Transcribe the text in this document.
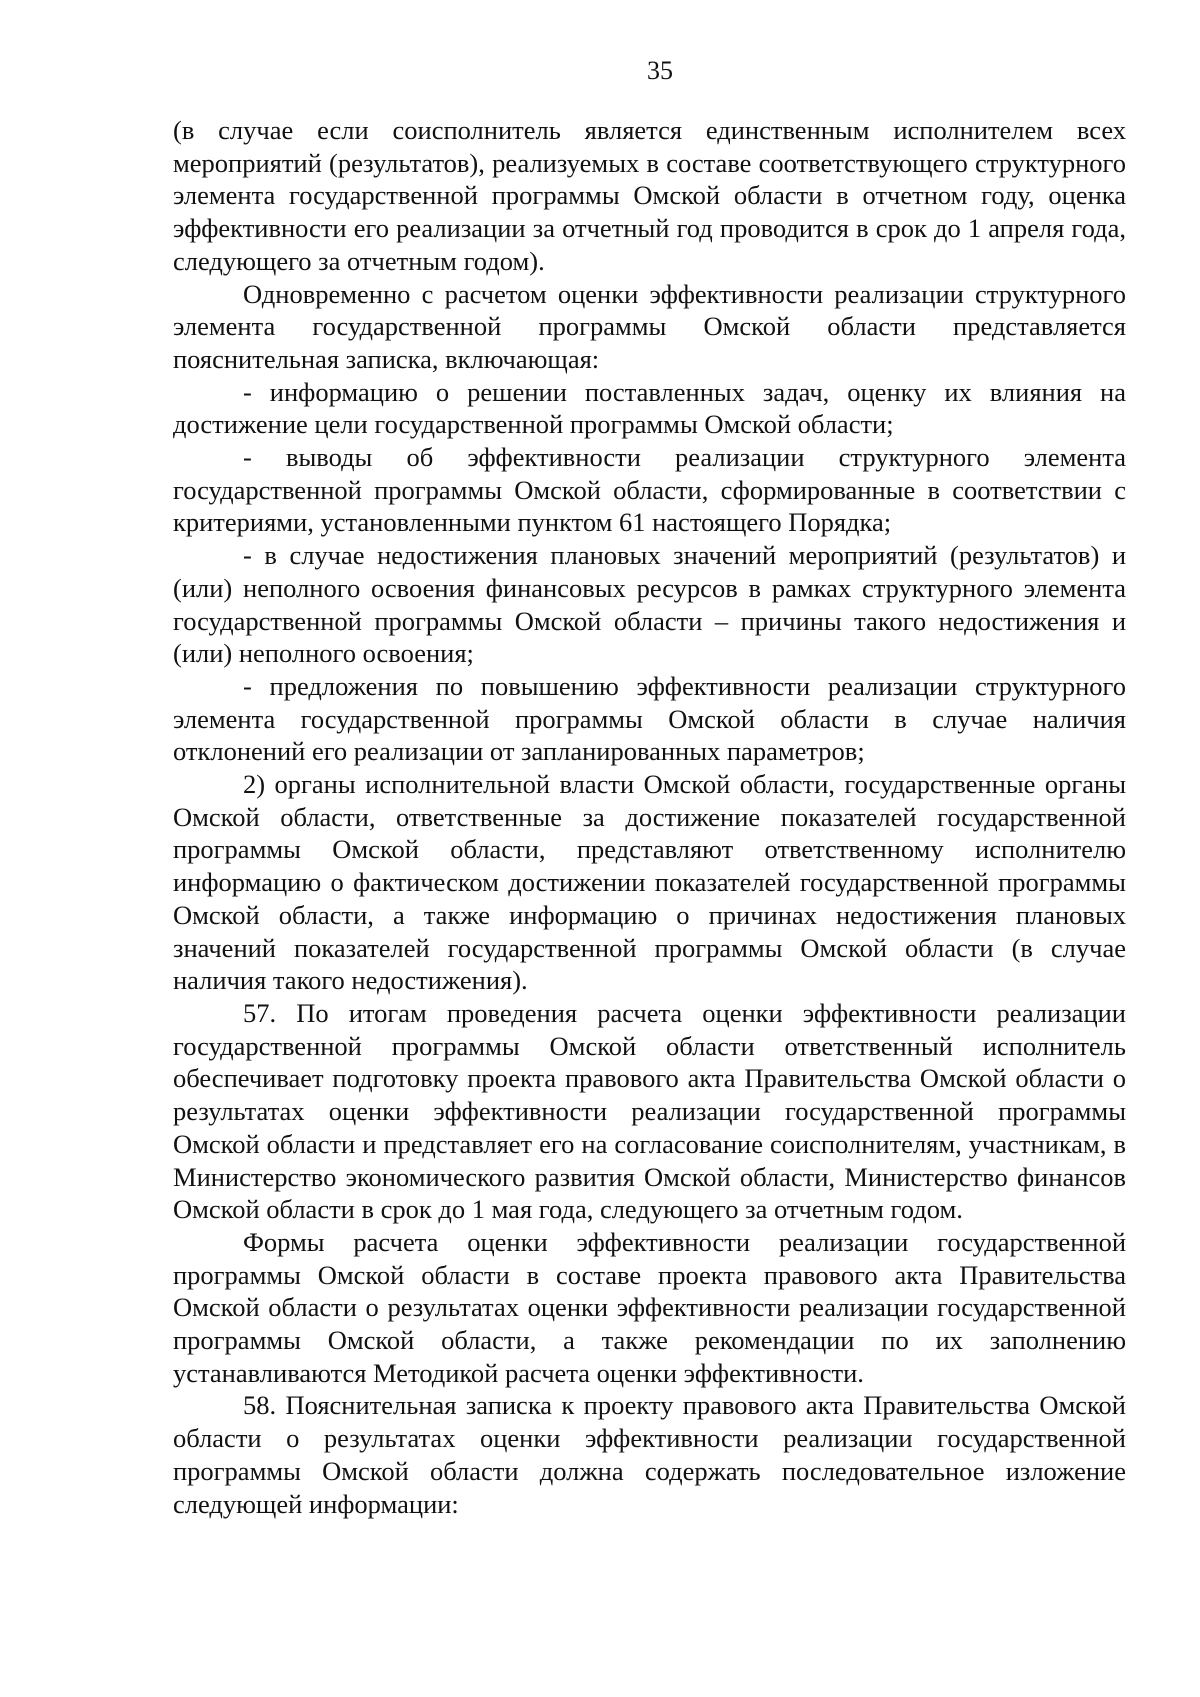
35

(в случае если соисполнитель является единственным исполнителем всех мероприятий (результатов), реализуемых в составе соответствующего структурного элемента государственной программы Омской области в отчетном году, оценка эффективности его реализации за отчетный год проводится в срок до 1 апреля года, следующего за отчетным годом).

Одновременно с расчетом оценки эффективности реализации структурного элемента государственной программы Омской области представляется пояснительная записка, включающая:

- информацию о решении поставленных задач, оценку их влияния на достижение цели государственной программы Омской области;

- выводы об эффективности реализации структурного элемента государственной программы Омской области, сформированные в соответствии с критериями, установленными пунктом 61 настоящего Порядка;

- в случае недостижения плановых значений мероприятий (результатов) и (или) неполного освоения финансовых ресурсов в рамках структурного элемента государственной программы Омской области – причины такого недостижения и (или) неполного освоения;

- предложения по повышению эффективности реализации структурного элемента государственной программы Омской области в случае наличия отклонений его реализации от запланированных параметров;

2) органы исполнительной власти Омской области, государственные органы Омской области, ответственные за достижение показателей государственной программы Омской области, представляют ответственному исполнителю информацию о фактическом достижении показателей государственной программы Омской области, а также информацию о причинах недостижения плановых значений показателей государственной программы Омской области (в случае наличия такого недостижения).

57. По итогам проведения расчета оценки эффективности реализации государственной программы Омской области ответственный исполнитель обеспечивает подготовку проекта правового акта Правительства Омской области о результатах оценки эффективности реализации государственной программы Омской области и представляет его на согласование соисполнителям, участникам, в Министерство экономического развития Омской области, Министерство финансов Омской области в срок до 1 мая года, следующего за отчетным годом.

Формы расчета оценки эффективности реализации государственной программы Омской области в составе проекта правового акта Правительства Омской области о результатах оценки эффективности реализации государственной программы Омской области, а также рекомендации по их заполнению устанавливаются Методикой расчета оценки эффективности.

58. Пояснительная записка к проекту правового акта Правительства Омской области о результатах оценки эффективности реализации государственной программы Омской области должна содержать последовательное изложение следующей информации:
